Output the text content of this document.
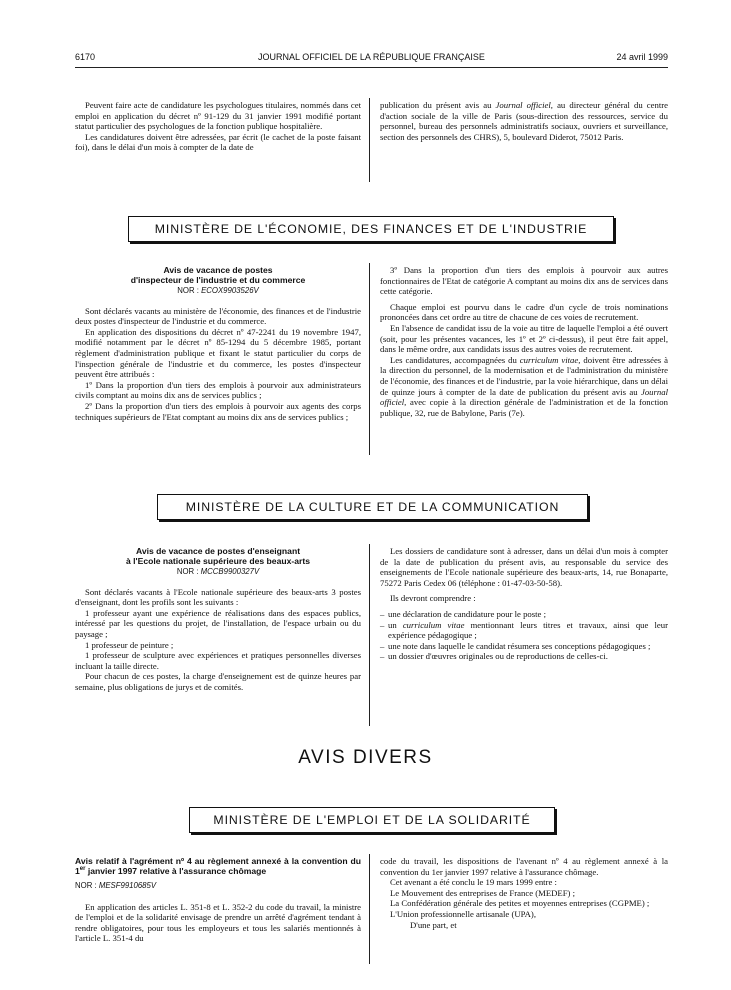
6170	JOURNAL OFFICIEL DE LA RÉPUBLIQUE FRANÇAISE	24 avril 1999

Peuvent faire acte de candidature les psychologues titulaires, nommés dans cet emploi en application du décret nº 91-129 du 31 janvier 1991 modifié portant statut particulier des psychologues de la fonction publique hospitalière.

Les candidatures doivent être adressées, par écrit (le cachet de la poste faisant foi), dans le délai d'un mois à compter de la date de

publication du présent avis au Journal officiel, au directeur général du centre d'action sociale de la ville de Paris (sous-direction des ressources, service du personnel, bureau des personnels administratifs sociaux, ouvriers et surveillance, section des personnels des CHRS), 5, boulevard Diderot, 75012 Paris.

MINISTÈRE DE L'ÉCONOMIE, DES FINANCES ET DE L'INDUSTRIE
Avis de vacance de postes
d'inspecteur de l'industrie et du commerce
NOR : ECOX9903526V

Sont déclarés vacants au ministère de l'économie, des finances et de l'industrie deux postes d'inspecteur de l'industrie et du commerce.

En application des dispositions du décret nº 47-2241 du 19 novembre 1947, modifié notamment par le décret nº 85-1294 du 5 décembre 1985, portant règlement d'administration publique et fixant le statut particulier du corps de l'inspection générale de l'industrie et du commerce, les postes d'inspecteur peuvent être attribués :

1º Dans la proportion d'un tiers des emplois à pourvoir aux administrateurs civils comptant au moins dix ans de services publics ;

2º Dans la proportion d'un tiers des emplois à pourvoir aux agents des corps techniques supérieurs de l'Etat comptant au moins dix ans de services publics ;

3º Dans la proportion d'un tiers des emplois à pourvoir aux autres fonctionnaires de l'Etat de catégorie A comptant au moins dix ans de services dans cette catégorie.

Chaque emploi est pourvu dans le cadre d'un cycle de trois nominations prononcées dans cet ordre au titre de chacune de ces voies de recrutement.

En l'absence de candidat issu de la voie au titre de laquelle l'emploi a été ouvert (soit, pour les présentes vacances, les 1º et 2º ci-dessus), il peut être fait appel, dans le même ordre, aux candidats issus des autres voies de recrutement.

Les candidatures, accompagnées du curriculum vitae, doivent être adressées à la direction du personnel, de la modernisation et de l'administration du ministère de l'économie, des finances et de l'industrie, par la voie hiérarchique, dans un délai de quinze jours à compter de la date de publication du présent avis au Journal officiel, avec copie à la direction générale de l'administration et de la fonction publique, 32, rue de Babylone, Paris (7e).

MINISTÈRE DE LA CULTURE ET DE LA COMMUNICATION
Avis de vacance de postes d'enseignant
à l'Ecole nationale supérieure des beaux-arts
NOR : MCCB9900327V

Sont déclarés vacants à l'Ecole nationale supérieure des beaux-arts 3 postes d'enseignant, dont les profils sont les suivants :

1 professeur ayant une expérience de réalisations dans des espaces publics, intéressé par les questions du projet, de l'installation, de l'espace urbain ou du paysage ;

1 professeur de peinture ;

1 professeur de sculpture avec expériences et pratiques personnelles diverses incluant la taille directe.

Pour chacun de ces postes, la charge d'enseignement est de quinze heures par semaine, plus obligations de jurys et de comités.

Les dossiers de candidature sont à adresser, dans un délai d'un mois à compter de la date de publication du présent avis, au responsable du service des enseignements de l'Ecole nationale supérieure des beaux-arts, 14, rue Bonaparte, 75272 Paris Cedex 06 (téléphone : 01-47-03-50-58).

Ils devront comprendre :

– une déclaration de candidature pour le poste ;

– un curriculum vitae mentionnant leurs titres et travaux, ainsi que leur expérience pédagogique ;

– une note dans laquelle le candidat résumera ses conceptions pédagogiques ;

– un dossier d'œuvres originales ou de reproductions de celles-ci.

AVIS DIVERS
MINISTÈRE DE L'EMPLOI ET DE LA SOLIDARITÉ
Avis relatif à l'agrément nº 4 au règlement annexé à la convention du 1er janvier 1997 relative à l'assurance chômage
NOR : MESF9910685V

En application des articles L. 351-8 et L. 352-2 du code du travail, la ministre de l'emploi et de la solidarité envisage de prendre un arrêté d'agrément tendant à rendre obligatoires, pour tous les employeurs et tous les salariés mentionnés à l'article L. 351-4 du

code du travail, les dispositions de l'avenant nº 4 au règlement annexé à la convention du 1er janvier 1997 relative à l'assurance chômage.

Cet avenant a été conclu le 19 mars 1999 entre :

Le Mouvement des entreprises de France (MEDEF) ;

La Confédération générale des petites et moyennes entreprises (CGPME) ;

L'Union professionnelle artisanale (UPA),

D'une part, et
